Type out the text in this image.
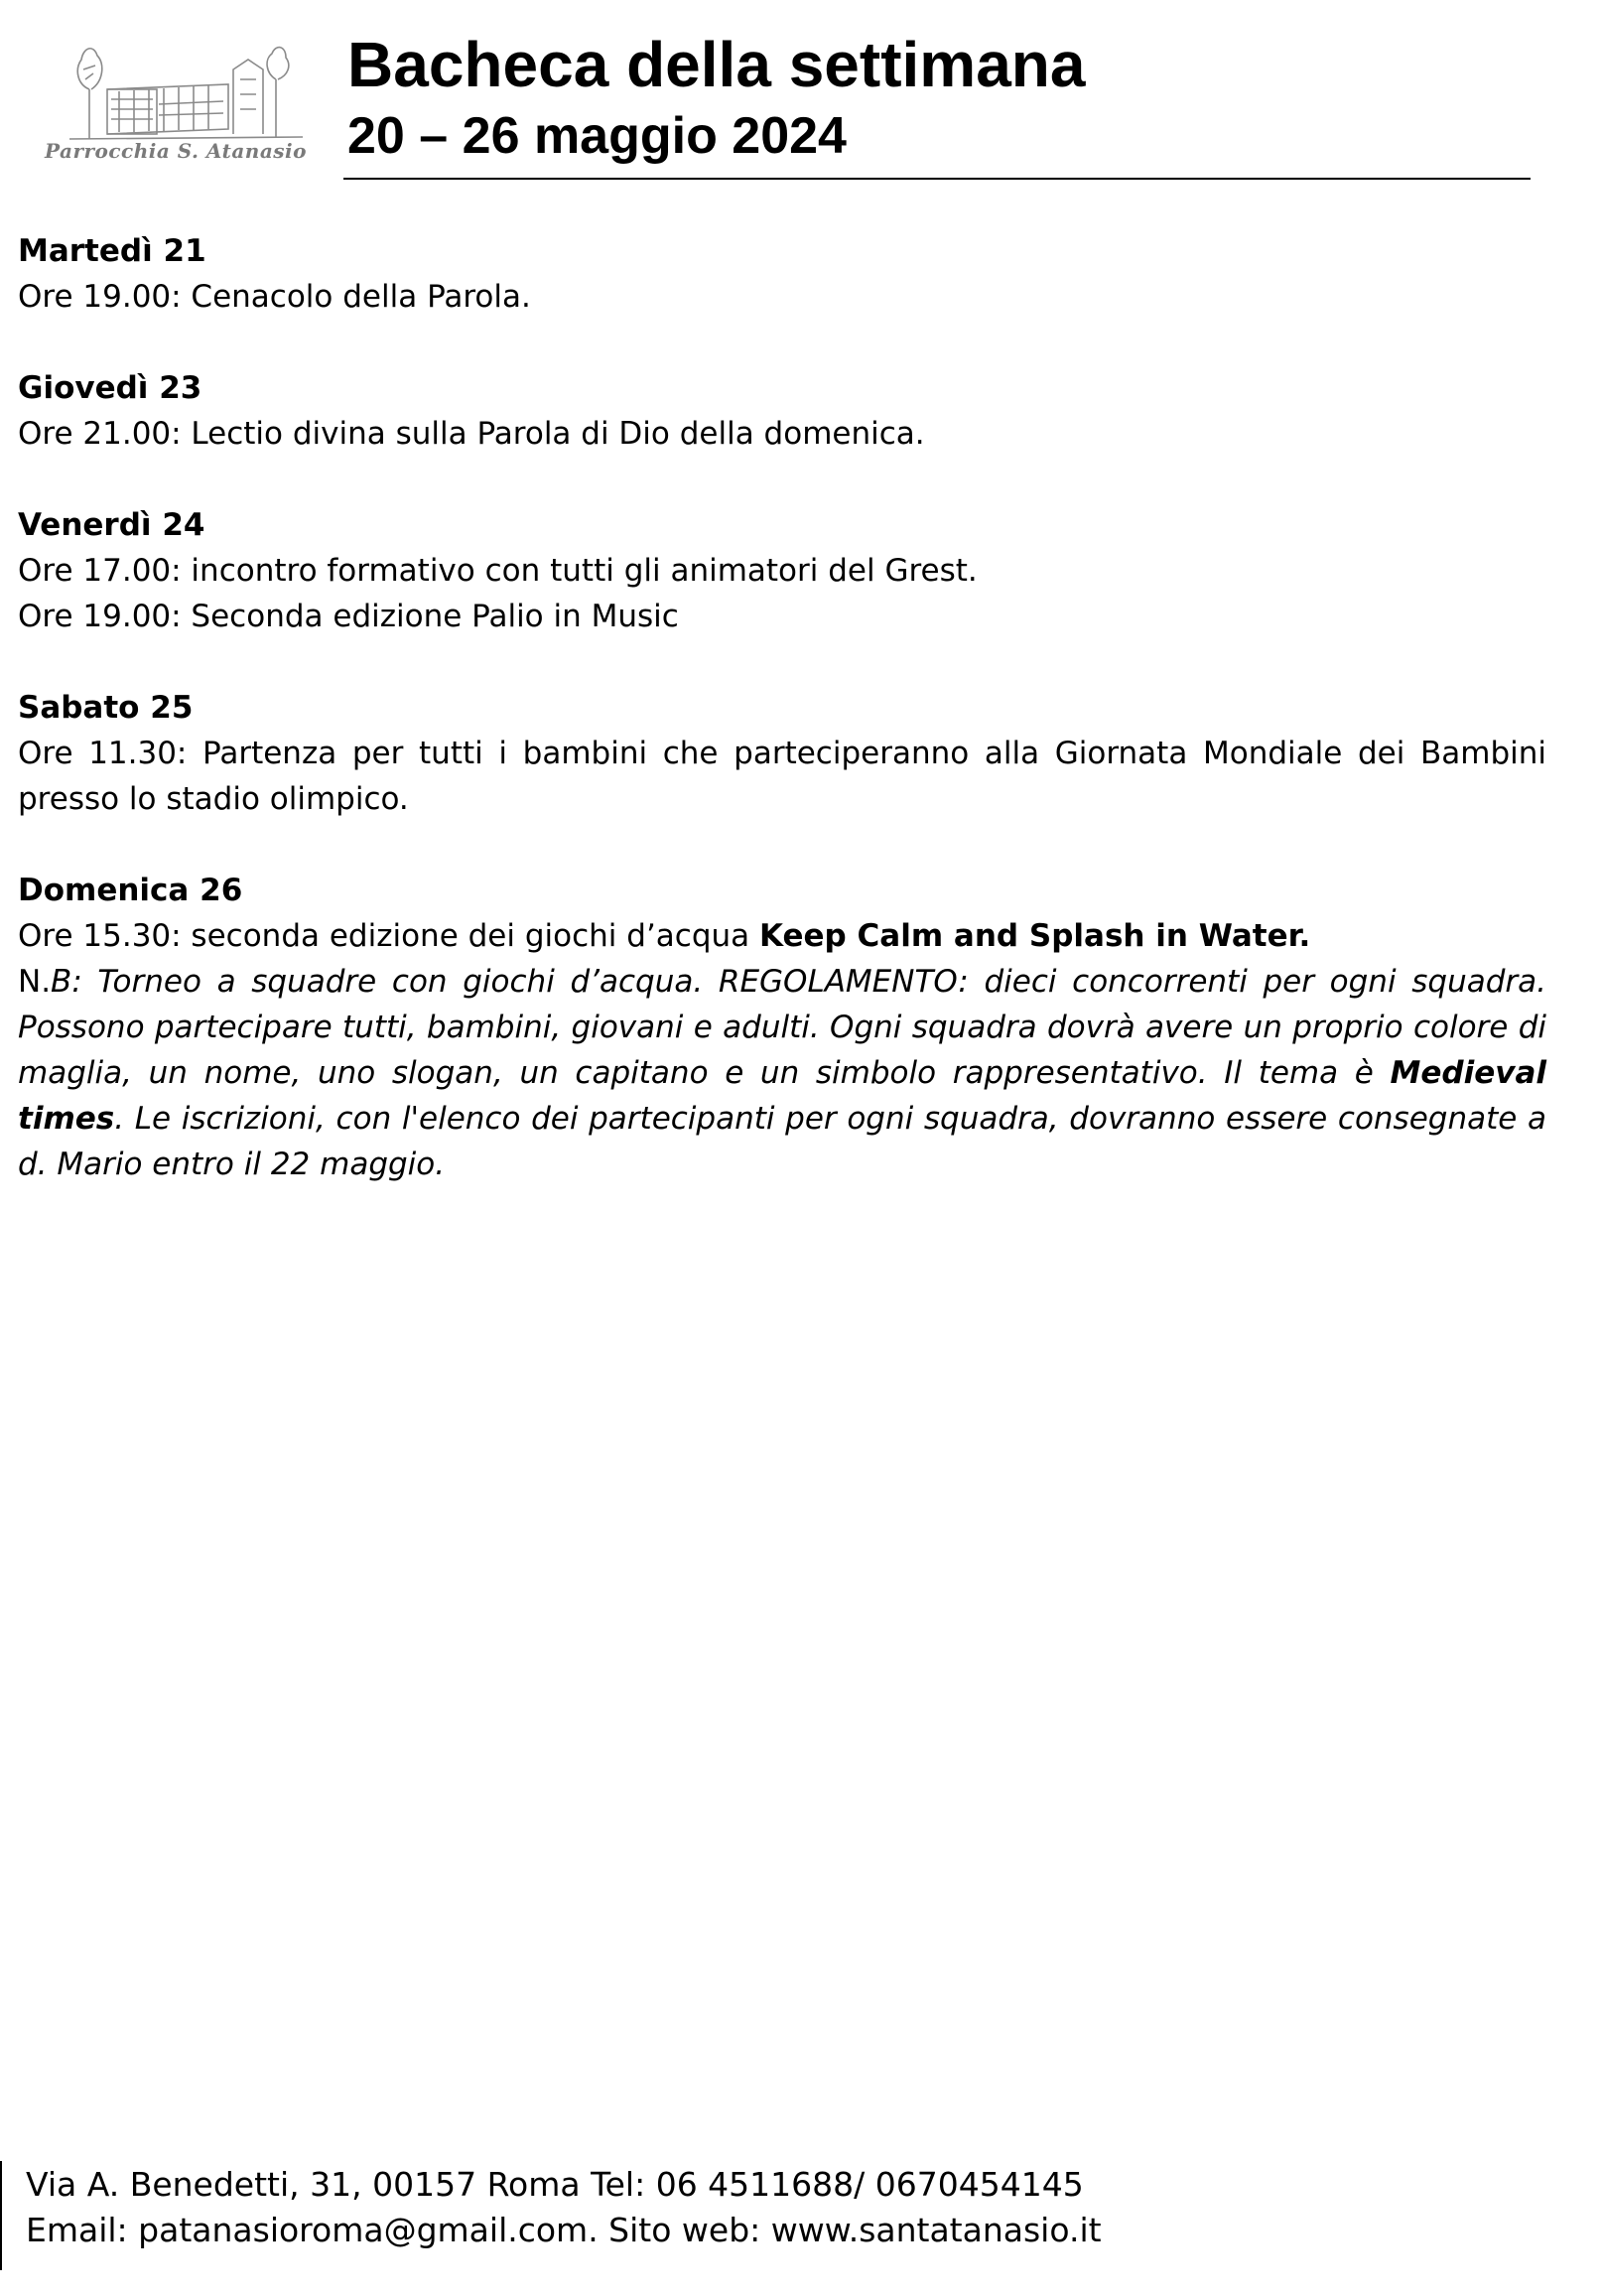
Parrocchia S. Atanasio
Bacheca della settimana
20 – 26 maggio 2024

Martedì 21

Ore 19.00: Cenacolo della Parola.

Giovedì 23

Ore 21.00: Lectio divina sulla Parola di Dio della domenica.

Venerdì 24

Ore 17.00: incontro formativo con tutti gli animatori del Grest.

Ore 19.00: Seconda edizione Palio in Music

Sabato 25

Ore 11.30: Partenza per tutti i bambini che parteciperanno alla Giornata Mondiale dei Bambini presso lo stadio olimpico.

Domenica 26

Ore 15.30: seconda edizione dei giochi d’acqua Keep Calm and Splash in Water.

N.B: Torneo a squadre con giochi d’acqua. REGOLAMENTO: dieci concorrenti per ogni squadra. Possono partecipare tutti, bambini, giovani e adulti. Ogni squadra dovrà avere un proprio colore di maglia, un nome, uno slogan, un capitano e un simbolo rappresentativo. Il tema è Medieval times. Le iscrizioni, con l'elenco dei partecipanti per ogni squadra, dovranno essere consegnate a d. Mario entro il 22 maggio.

Via A. Benedetti, 31, 00157 Roma Tel: 06 4511688/ 0670454145
Email: patanasioroma@gmail.com. Sito web: www.santatanasio.it
